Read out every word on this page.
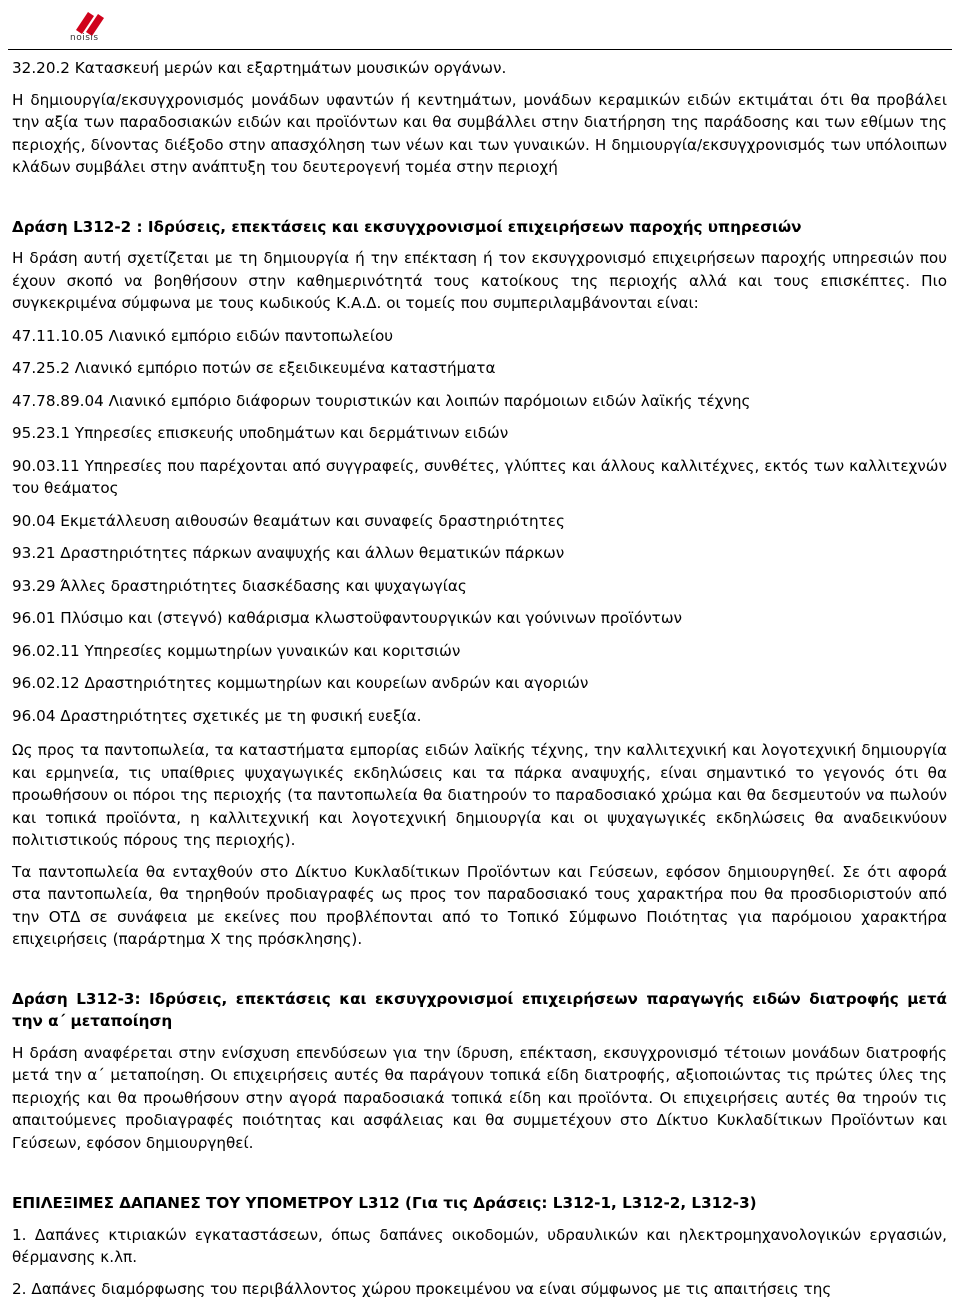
noisis

32.20.2 Κατασκευή μερών και εξαρτημάτων μουσικών οργάνων.

Η δημιουργία/εκσυγχρονισμός μονάδων υφαντών ή κεντημάτων, μονάδων κεραμικών ειδών εκτιμάται ότι θα προβάλει την αξία των παραδοσιακών ειδών και προϊόντων και θα συμβάλλει στην διατήρηση της παράδοσης και των εθίμων της περιοχής, δίνοντας διέξοδο στην απασχόληση των νέων και των γυναικών. Η δημιουργία/εκσυγχρονισμός των υπόλοιπων κλάδων συμβάλει στην ανάπτυξη του δευτερογενή τομέα στην περιοχή

Δράση L312-2 : Ιδρύσεις, επεκτάσεις και εκσυγχρονισμοί επιχειρήσεων παροχής υπηρεσιών

Η δράση αυτή σχετίζεται με τη δημιουργία ή την επέκταση ή τον εκσυγχρονισμό επιχειρήσεων παροχής υπηρεσιών που έχουν σκοπό να βοηθήσουν στην καθημερινότητά τους κατοίκους της περιοχής αλλά και τους επισκέπτες. Πιο συγκεκριμένα σύμφωνα με τους κωδικούς Κ.Α.Δ. οι τομείς που συμπεριλαμβάνονται είναι:

47.11.10.05 Λιανικό εμπόριο ειδών παντοπωλείου

47.25.2 Λιανικό εμπόριο ποτών σε εξειδικευμένα καταστήματα

47.78.89.04 Λιανικό εμπόριο διάφορων τουριστικών και λοιπών παρόμοιων ειδών λαϊκής τέχνης

95.23.1 Υπηρεσίες επισκευής υποδημάτων και δερμάτινων ειδών

90.03.11 Υπηρεσίες που παρέχονται από συγγραφείς, συνθέτες, γλύπτες και άλλους καλλιτέχνες, εκτός των καλλιτεχνών του θεάματος

90.04 Εκμετάλλευση αιθουσών θεαμάτων και συναφείς δραστηριότητες

93.21 Δραστηριότητες πάρκων αναψυχής και άλλων θεματικών πάρκων

93.29 Άλλες δραστηριότητες διασκέδασης και ψυχαγωγίας

96.01 Πλύσιμο και (στεγνό) καθάρισμα κλωστοϋφαντουργικών και γούνινων προϊόντων

96.02.11 Υπηρεσίες κομμωτηρίων γυναικών και κοριτσιών

96.02.12 Δραστηριότητες κομμωτηρίων και κουρείων ανδρών και αγοριών

96.04 Δραστηριότητες σχετικές με τη φυσική ευεξία.

Ως προς τα παντοπωλεία, τα καταστήματα εμπορίας ειδών λαϊκής τέχνης, την καλλιτεχνική και λογοτεχνική δημιουργία και ερμηνεία, τις υπαίθριες ψυχαγωγικές εκδηλώσεις και τα πάρκα αναψυχής, είναι σημαντικό το γεγονός ότι θα προωθήσουν οι πόροι της περιοχής (τα παντοπωλεία θα διατηρούν το παραδοσιακό χρώμα και θα δεσμευτούν να πωλούν και τοπικά προϊόντα, η καλλιτεχνική και λογοτεχνική δημιουργία και οι ψυχαγωγικές εκδηλώσεις θα αναδεικνύουν πολιτιστικούς πόρους της περιοχής).

Τα παντοπωλεία θα ενταχθούν στο Δίκτυο Κυκλαδίτικων Προϊόντων και Γεύσεων, εφόσον δημιουργηθεί. Σε ότι αφορά στα παντοπωλεία, θα τηρηθούν προδιαγραφές ως προς τον παραδοσιακό τους χαρακτήρα που θα προσδιοριστούν από την ΟΤΔ σε συνάφεια με εκείνες που προβλέπονται από το Τοπικό Σύμφωνο Ποιότητας για παρόμοιου χαρακτήρα επιχειρήσεις (παράρτημα Χ της πρόσκλησης).

Δράση L312-3: Ιδρύσεις, επεκτάσεις και εκσυγχρονισμοί επιχειρήσεων παραγωγής ειδών διατροφής μετά την α΄ μεταποίηση

Η δράση αναφέρεται στην ενίσχυση επενδύσεων για την ίδρυση, επέκταση, εκσυγχρονισμό τέτοιων μονάδων διατροφής μετά την α΄ μεταποίηση. Οι επιχειρήσεις αυτές θα παράγουν τοπικά είδη διατροφής, αξιοποιώντας τις πρώτες ύλες της περιοχής και θα προωθήσουν στην αγορά παραδοσιακά τοπικά είδη και προϊόντα. Οι επιχειρήσεις αυτές θα τηρούν τις απαιτούμενες προδιαγραφές ποιότητας και ασφάλειας και θα συμμετέχουν στο Δίκτυο Κυκλαδίτικων Προϊόντων και Γεύσεων, εφόσον δημιουργηθεί.

ΕΠΙΛΕΞΙΜΕΣ ΔΑΠΑΝΕΣ ΤΟΥ ΥΠΟΜΕΤΡΟΥ L312 (Για τις Δράσεις: L312-1, L312-2, L312-3)

1. Δαπάνες κτιριακών εγκαταστάσεων, όπως δαπάνες οικοδομών, υδραυλικών και ηλεκτρομηχανολογικών εργασιών, θέρμανσης κ.λπ.

2. Δαπάνες διαμόρφωσης του περιβάλλοντος χώρου προκειμένου να είναι σύμφωνος με τις απαιτήσεις της
